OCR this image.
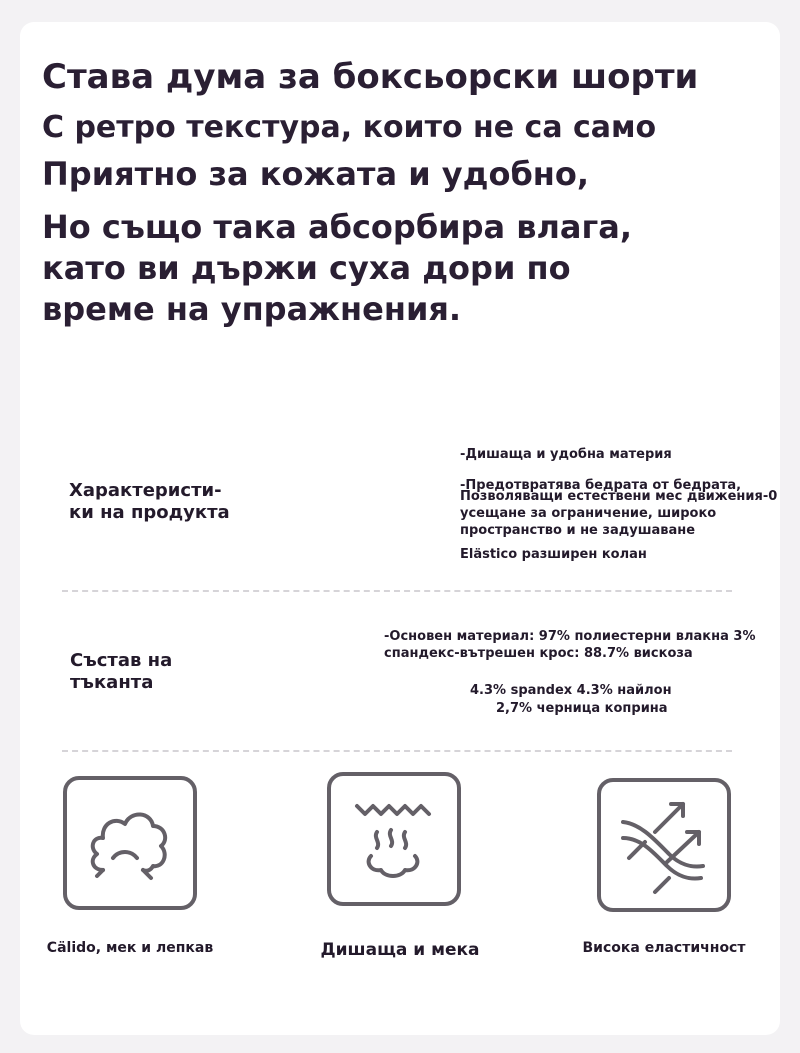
Става дума за боксьорски шорти
С ретро текстура, които не са само
Приятно за кожата и удобно,
Но също така абсорбира влага,
като ви държи суха дори по
време на упражнения.
Характеристи-
ки на продукта
-Дишаща и удобна материя
-Предотвратява бедрата от бедрата,
Позволяващи естествени мес движения-0
усещане за ограничение, широко
пространство и не задушаване
Eläst​ico разширен колан
Състав на
тъканта
-Основен материал: 97% полиестерни влакна 3%
спандекс-вътрешен крос: 88.7% вискоза
4.3% spandex 4.3% найлон
2,7% черница коприна
Cälido, мек и лепкав	Дишаща и мека	Висока еластичност
